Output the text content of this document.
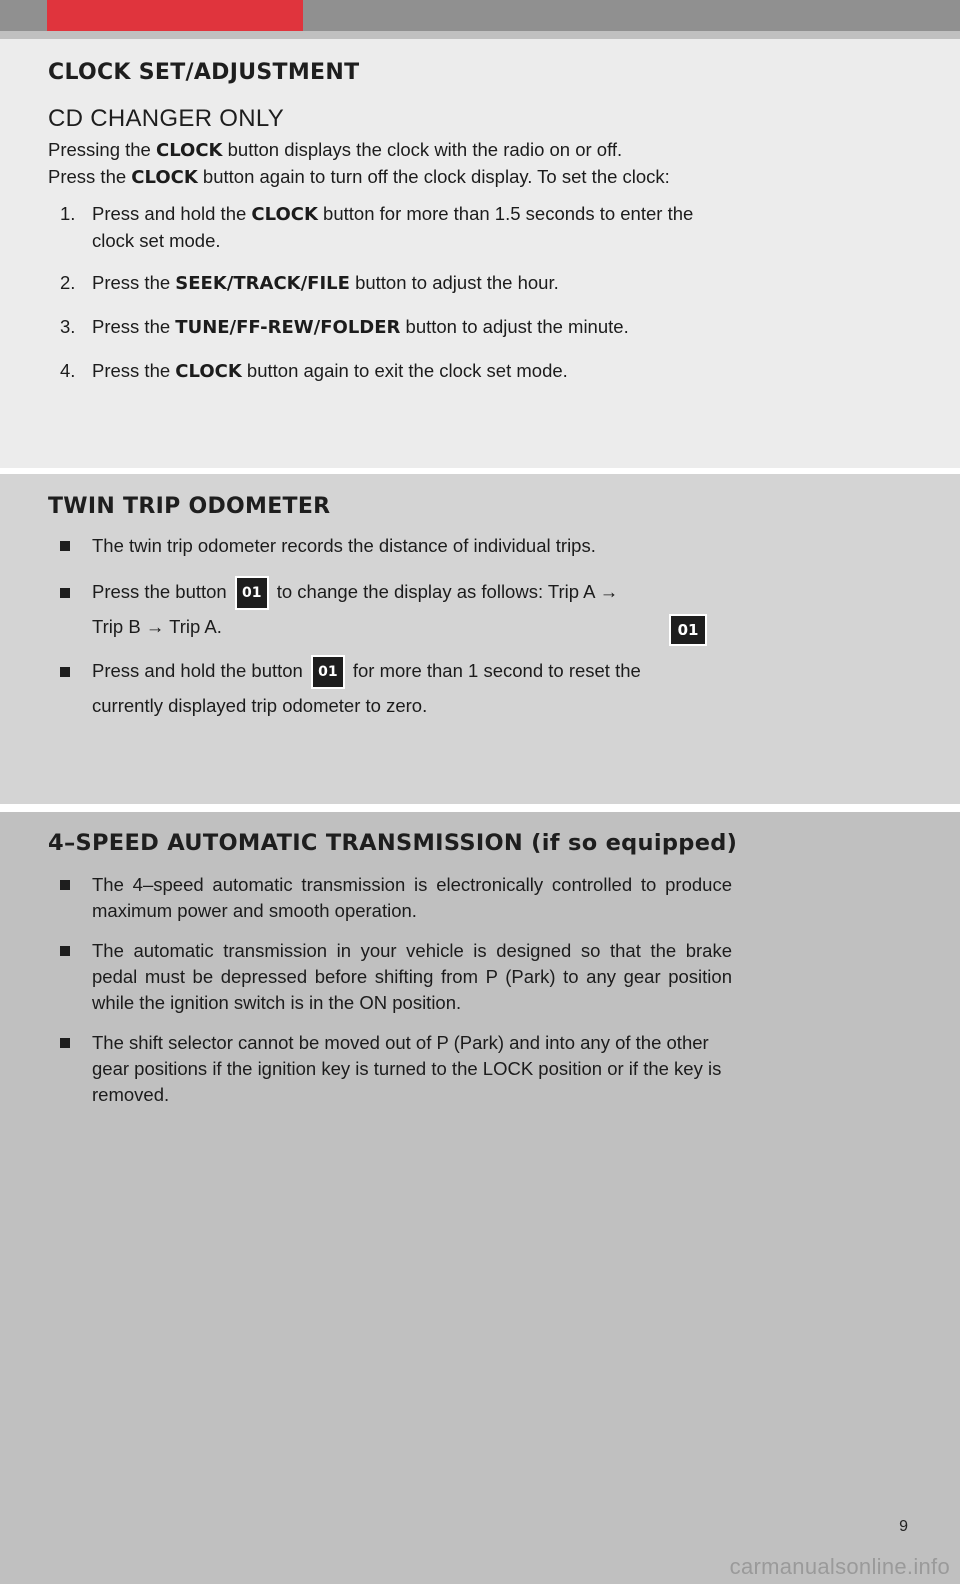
CLOCK SET/ADJUSTMENT

CD CHANGER ONLY

Pressing the CLOCK button displays the clock with the radio on or off.
Press the CLOCK button again to turn off the clock display. To set the clock:

1. Press and hold the CLOCK button for more than 1.5 seconds to enter the clock set mode.
2. Press the SEEK/TRACK/FILE button to adjust the hour.
3. Press the TUNE/FF-REW/FOLDER button to adjust the minute.
4. Press the CLOCK button again to exit the clock set mode.
TWIN TRIP ODOMETER
The twin trip odometer records the distance of individual trips.
Press the button 01 to change the display as follows: Trip A → Trip B → Trip A.
Press and hold the button 01 for more than 1 second to reset the currently displayed trip odometer to zero.
01
4–SPEED AUTOMATIC TRANSMISSION (if so equipped)
The 4–speed automatic transmission is electronically controlled to produce maximum power and smooth operation.
The automatic transmission in your vehicle is designed so that the brake pedal must be depressed before shifting from P (Park) to any gear position while the ignition switch is in the ON position.
The shift selector cannot be moved out of P (Park) and into any of the other gear positions if the ignition key is turned to the LOCK position or if the key is removed.
9
carmanualsonline.info
